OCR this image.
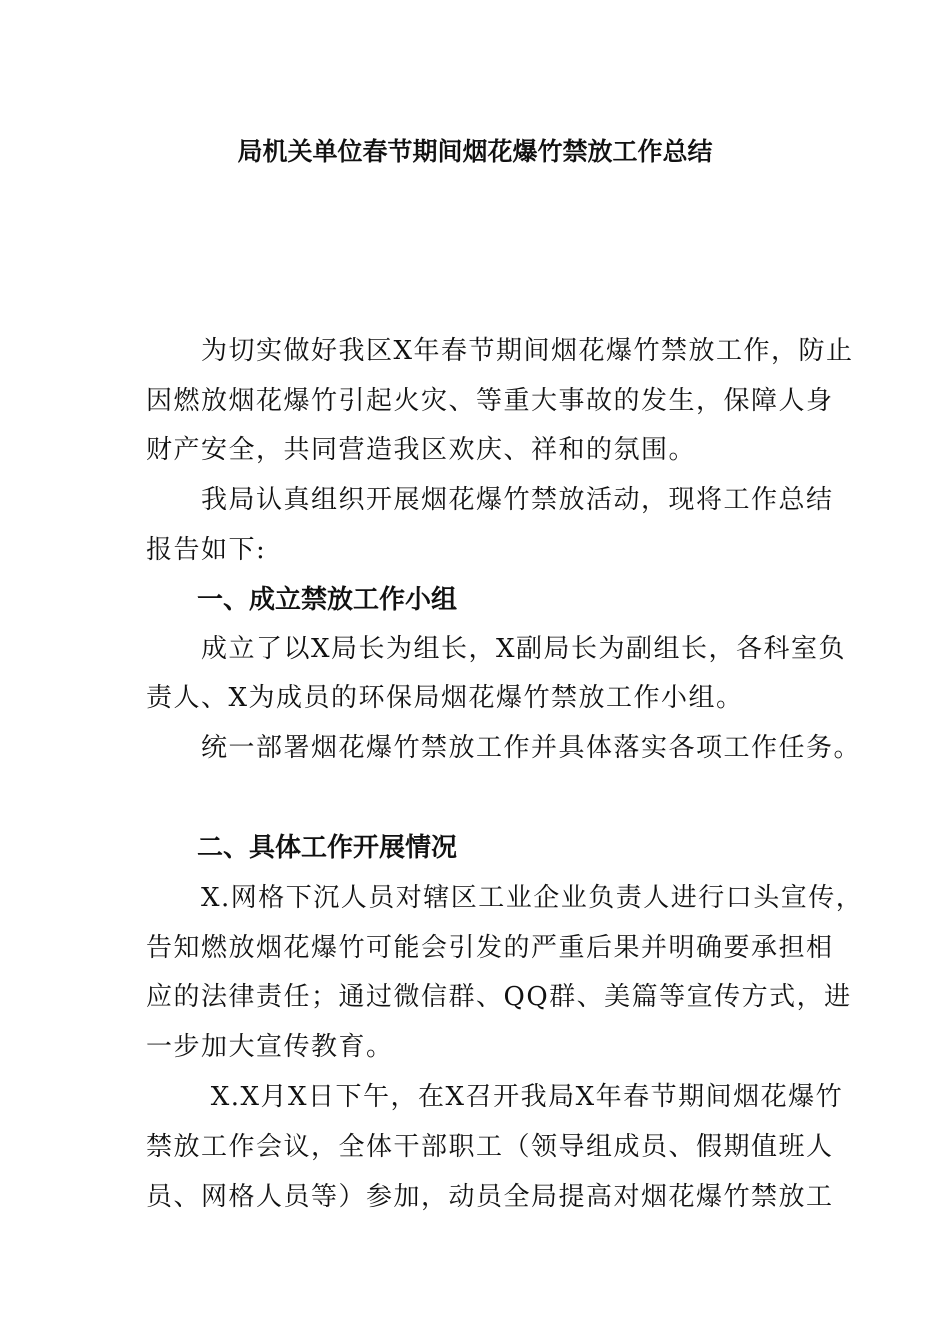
局机关单位春节期间烟花爆竹禁放工作总结
　　为切实做好我区X年春节期间烟花爆竹禁放工作，防止
因燃放烟花爆竹引起火灾、等重大事故的发生，保障人身
财产安全，共同营造我区欢庆、祥和的氛围。
　　我局认真组织开展烟花爆竹禁放活动，现将工作总结
报告如下:
一、成立禁放工作小组
　　成立了以X局长为组长，X副局长为副组长，各科室负
责人、X为成员的环保局烟花爆竹禁放工作小组。
　　统一部署烟花爆竹禁放工作并具体落实各项工作任务。
二、具体工作开展情况
　　X.网格下沉人员对辖区工业企业负责人进行口头宣传，
告知燃放烟花爆竹可能会引发的严重后果并明确要承担相
应的法律责任；通过微信群、QQ群、美篇等宣传方式，进
一步加大宣传教育。
　　 X.X月X日下午，在X召开我局X年春节期间烟花爆竹
禁放工作会议，全体干部职工（领导组成员、假期值班人
员、网格人员等）参加，动员全局提高对烟花爆竹禁放工
